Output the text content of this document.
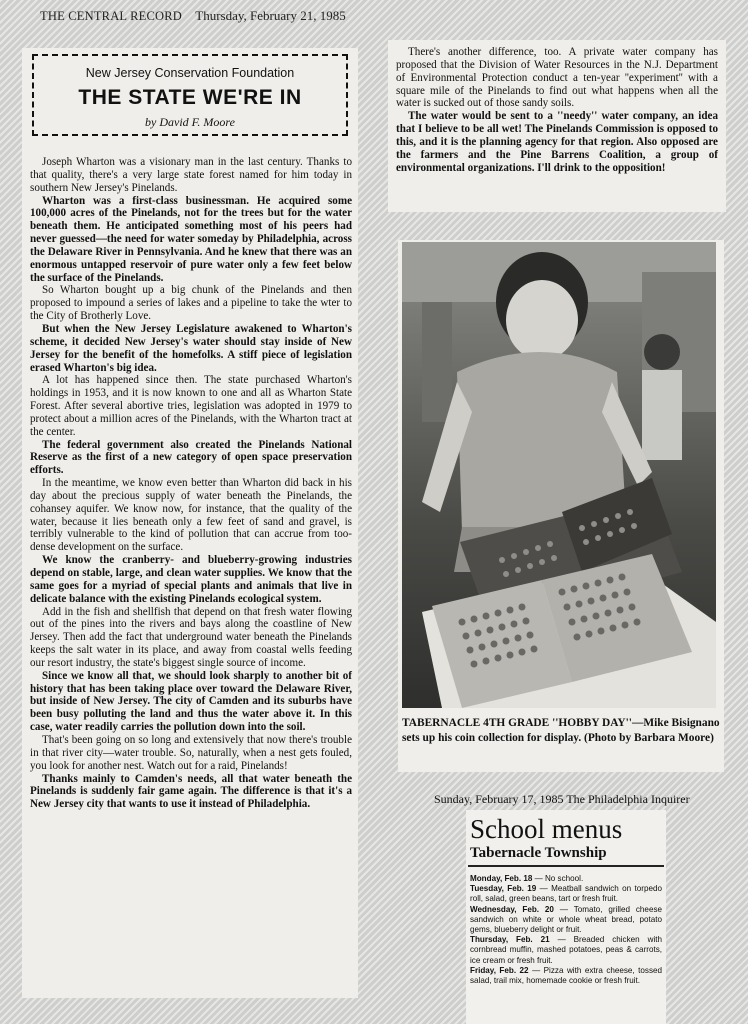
THE CENTRAL RECORD Thursday, February 21, 1985
New Jersey Conservation Foundation
THE STATE WE'RE IN
by David F. Moore

Joseph Wharton was a visionary man in the last century. Thanks to that quality, there's a very large state forest named for him today in southern New Jersey's Pinelands.

Wharton was a first-class businessman. He acquired some 100,000 acres of the Pinelands, not for the trees but for the water beneath them. He anticipated something most of his peers had never guessed—the need for water someday by Philadelphia, across the Delaware River in Pennsylvania. And he knew that there was an enormous untapped reservoir of pure water only a few feet below the surface of the Pinelands.

So Wharton bought up a big chunk of the Pinelands and then proposed to impound a series of lakes and a pipeline to take the wter to the City of Brotherly Love.

But when the New Jersey Legislature awakened to Wharton's scheme, it decided New Jersey's water should stay inside of New Jersey for the benefit of the homefolks. A stiff piece of legislation erased Wharton's big idea.

A lot has happened since then. The state purchased Wharton's holdings in 1953, and it is now known to one and all as Wharton State Forest. After several abortive tries, legislation was adopted in 1979 to protect about a million acres of the Pinelands, with the Wharton tract at the center.

The federal government also created the Pinelands National Reserve as the first of a new category of open space preservation efforts.

In the meantime, we know even better than Wharton did back in his day about the precious supply of water beneath the Pinelands, the cohansey aquifer. We know now, for instance, that the quality of the water, because it lies beneath only a few feet of sand and gravel, is terribly vulnerable to the kind of pollution that can accrue from too-dense development on the surface.

We know the cranberry- and blueberry-growing industries depend on stable, large, and clean water supplies. We know that the same goes for a myriad of special plants and animals that live in delicate balance with the existing Pinelands ecological system.

Add in the fish and shellfish that depend on that fresh water flowing out of the pines into the rivers and bays along the coastline of New Jersey. Then add the fact that underground water beneath the Pinelands keeps the salt water in its place, and away from coastal wells feeding our resort industry, the state's biggest single source of income.

Since we know all that, we should look sharply to another bit of history that has been taking place over toward the Delaware River, but inside of New Jersey. The city of Camden and its suburbs have been busy polluting the land and thus the water above it. In this case, water readily carries the pollution down into the soil.

That's been going on so long and extensively that now there's trouble in that river city—water trouble. So, naturally, when a nest gets fouled, you look for another nest. Watch out for a raid, Pinelands!

Thanks mainly to Camden's needs, all that water beneath the Pinelands is suddenly fair game again. The difference is that it's a New Jersey city that wants to use it instead of Philadelphia.

There's another difference, too. A private water company has proposed that the Division of Water Resources in the N.J. Department of Environmental Protection conduct a ten-year ''experiment'' with a square mile of the Pinelands to find out what happens when all the water is sucked out of those sandy soils.

The water would be sent to a ''needy'' water company, an idea that I believe to be all wet! The Pinelands Commission is opposed to this, and it is the planning agency for that region. Also opposed are the farmers and the Pine Barrens Coalition, a group of environmental organizations. I'll drink to the opposition!

TABERNACLE 4TH GRADE ''HOBBY DAY''—Mike Bisignano sets up his coin collection for display. (Photo by Barbara Moore)
Sunday, February 17, 1985 The Philadelphia Inquirer
School menus
Tabernacle Township

Monday, Feb. 18 — No school.

Tuesday, Feb. 19 — Meatball sandwich on torpedo roll, salad, green beans, tart or fresh fruit.

Wednesday, Feb. 20 — Tomato, grilled cheese sandwich on white or whole wheat bread, potato gems, blueberry delight or fruit.

Thursday, Feb. 21 — Breaded chicken with cornbread muffin, mashed potatoes, peas & carrots, ice cream or fresh fruit.

Friday, Feb. 22 — Pizza with extra cheese, tossed salad, trail mix, homemade cookie or fresh fruit.
